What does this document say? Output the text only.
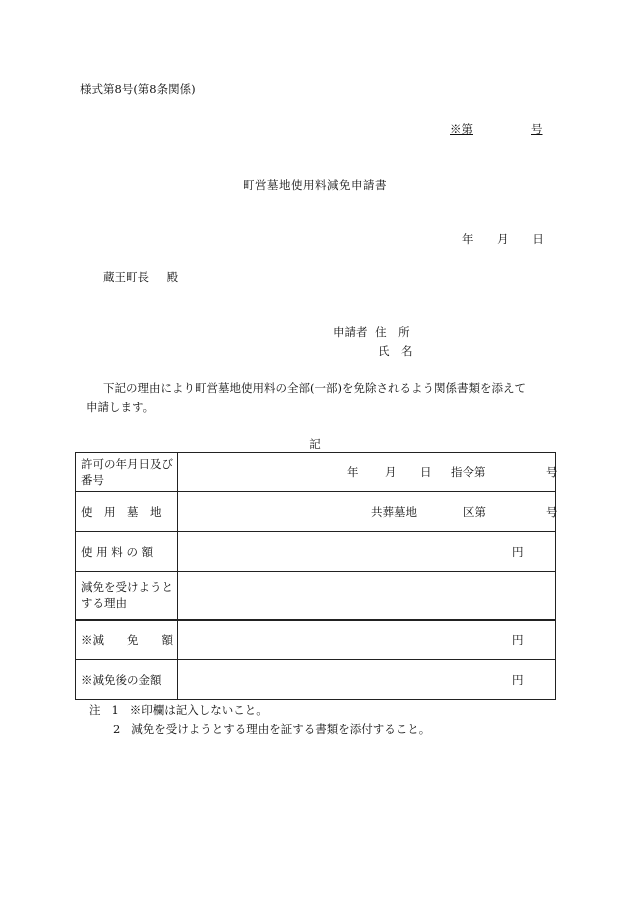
様式第8号(第8条関係)
※第	号
町営墓地使用料減免申請書
年 月 日
蔵王町長 殿
申請者 住　所
氏　名
下記の理由により町営墓地使用料の全部(一部)を免除されるよう関係書類を添えて
申請します。
記
許可の年月日及び番号	年 月 日 指令第 号

使　用　墓　地	共葬墓地 区第 号

使 用 料 の 額	円

減免を受けようとする理由	

※減　　免　　額	円

※減免後の金額	円
注 1 ※印欄は記入しないこと。
2 減免を受けようとする理由を証する書類を添付すること。
